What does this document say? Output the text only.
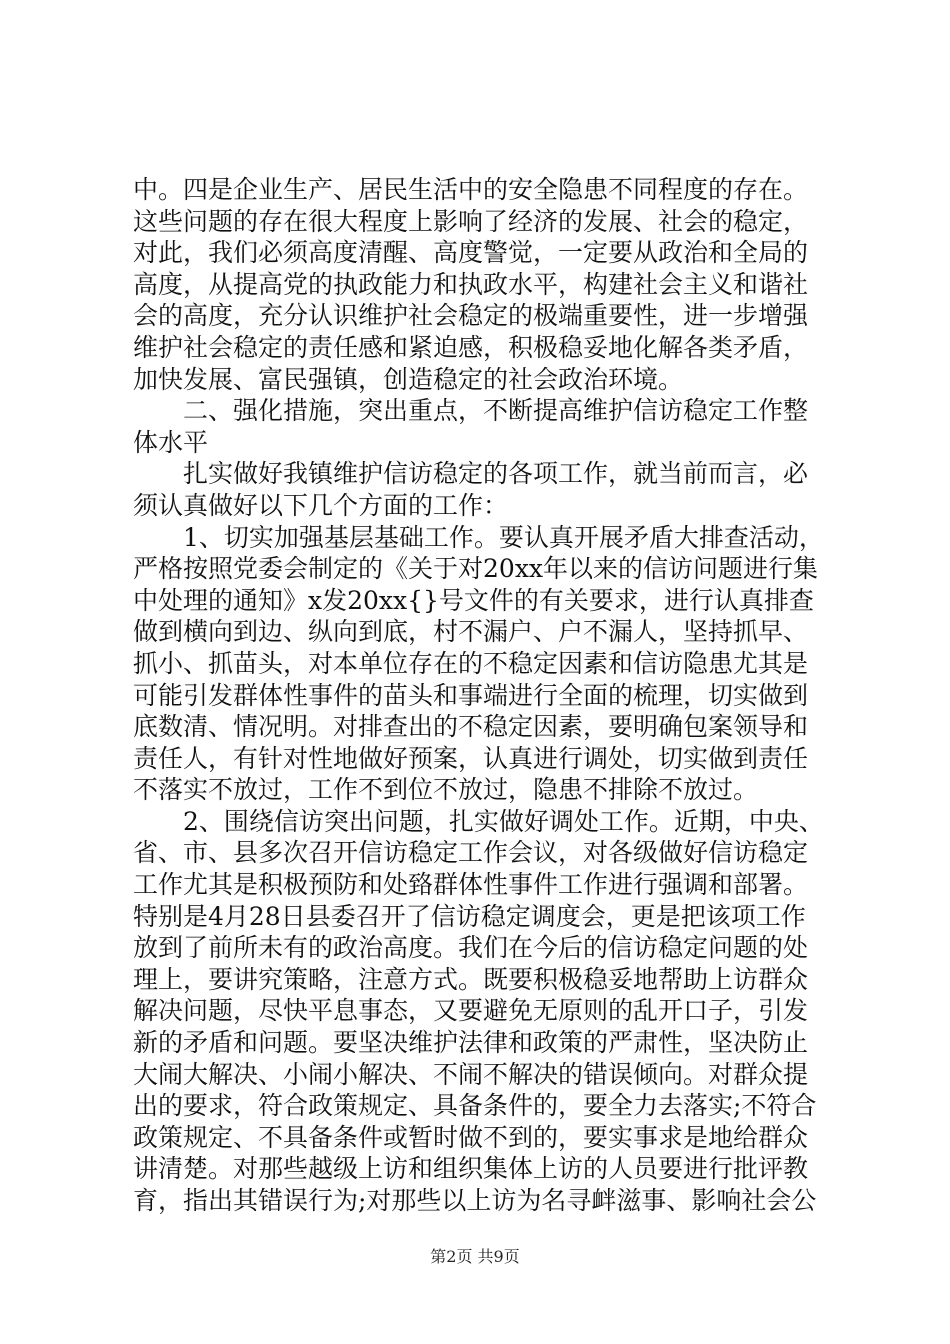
中。四是企业生产、居民生活中的安全隐患不同程度的存在。
这些问题的存在很大程度上影响了经济的发展、社会的稳定，
对此，我们必须高度清醒、高度警觉，一定要从政治和全局的
高度，从提高党的执政能力和执政水平，构建社会主义和谐社
会的高度，充分认识维护社会稳定的极端重要性，进一步增强
维护社会稳定的责任感和紧迫感，积极稳妥地化解各类矛盾，
加快发展、富民强镇，创造稳定的社会政治环境。
　　二、强化措施，突出重点，不断提高维护信访稳定工作整
体水平
　　扎实做好我镇维护信访稳定的各项工作，就当前而言，必
须认真做好以下几个方面的工作：
　　1、切实加强基层基础工作。要认真开展矛盾大排查活动，
严格按照党委会制定的《关于对20xx年以来的信访问题进行集
中处理的通知》x发20xx{}号文件的有关要求，进行认真排查
做到横向到边、纵向到底，村不漏户、户不漏人，坚持抓早、
抓小、抓苗头，对本单位存在的不稳定因素和信访隐患尤其是
可能引发群体性事件的苗头和事端进行全面的梳理，切实做到
底数清、情况明。对排查出的不稳定因素，要明确包案领导和
责任人，有针对性地做好预案，认真进行调处，切实做到责任
不落实不放过，工作不到位不放过，隐患不排除不放过。
　　2、围绕信访突出问题，扎实做好调处工作。近期，中央、
省、市、县多次召开信访稳定工作会议，对各级做好信访稳定
工作尤其是积极预防和处臵群体性事件工作进行强调和部署。
特别是4月28日县委召开了信访稳定调度会，更是把该项工作
放到了前所未有的政治高度。我们在今后的信访稳定问题的处
理上，要讲究策略，注意方式。既要积极稳妥地帮助上访群众
解决问题，尽快平息事态，又要避免无原则的乱开口子，引发
新的矛盾和问题。要坚决维护法律和政策的严肃性，坚决防止
大闹大解决、小闹小解决、不闹不解决的错误倾向。对群众提
出的要求，符合政策规定、具备条件的，要全力去落实;不符合
政策规定、不具备条件或暂时做不到的，要实事求是地给群众
讲清楚。对那些越级上访和组织集体上访的人员要进行批评教
育，指出其错误行为;对那些以上访为名寻衅滋事、影响社会公
第2页 共9页
